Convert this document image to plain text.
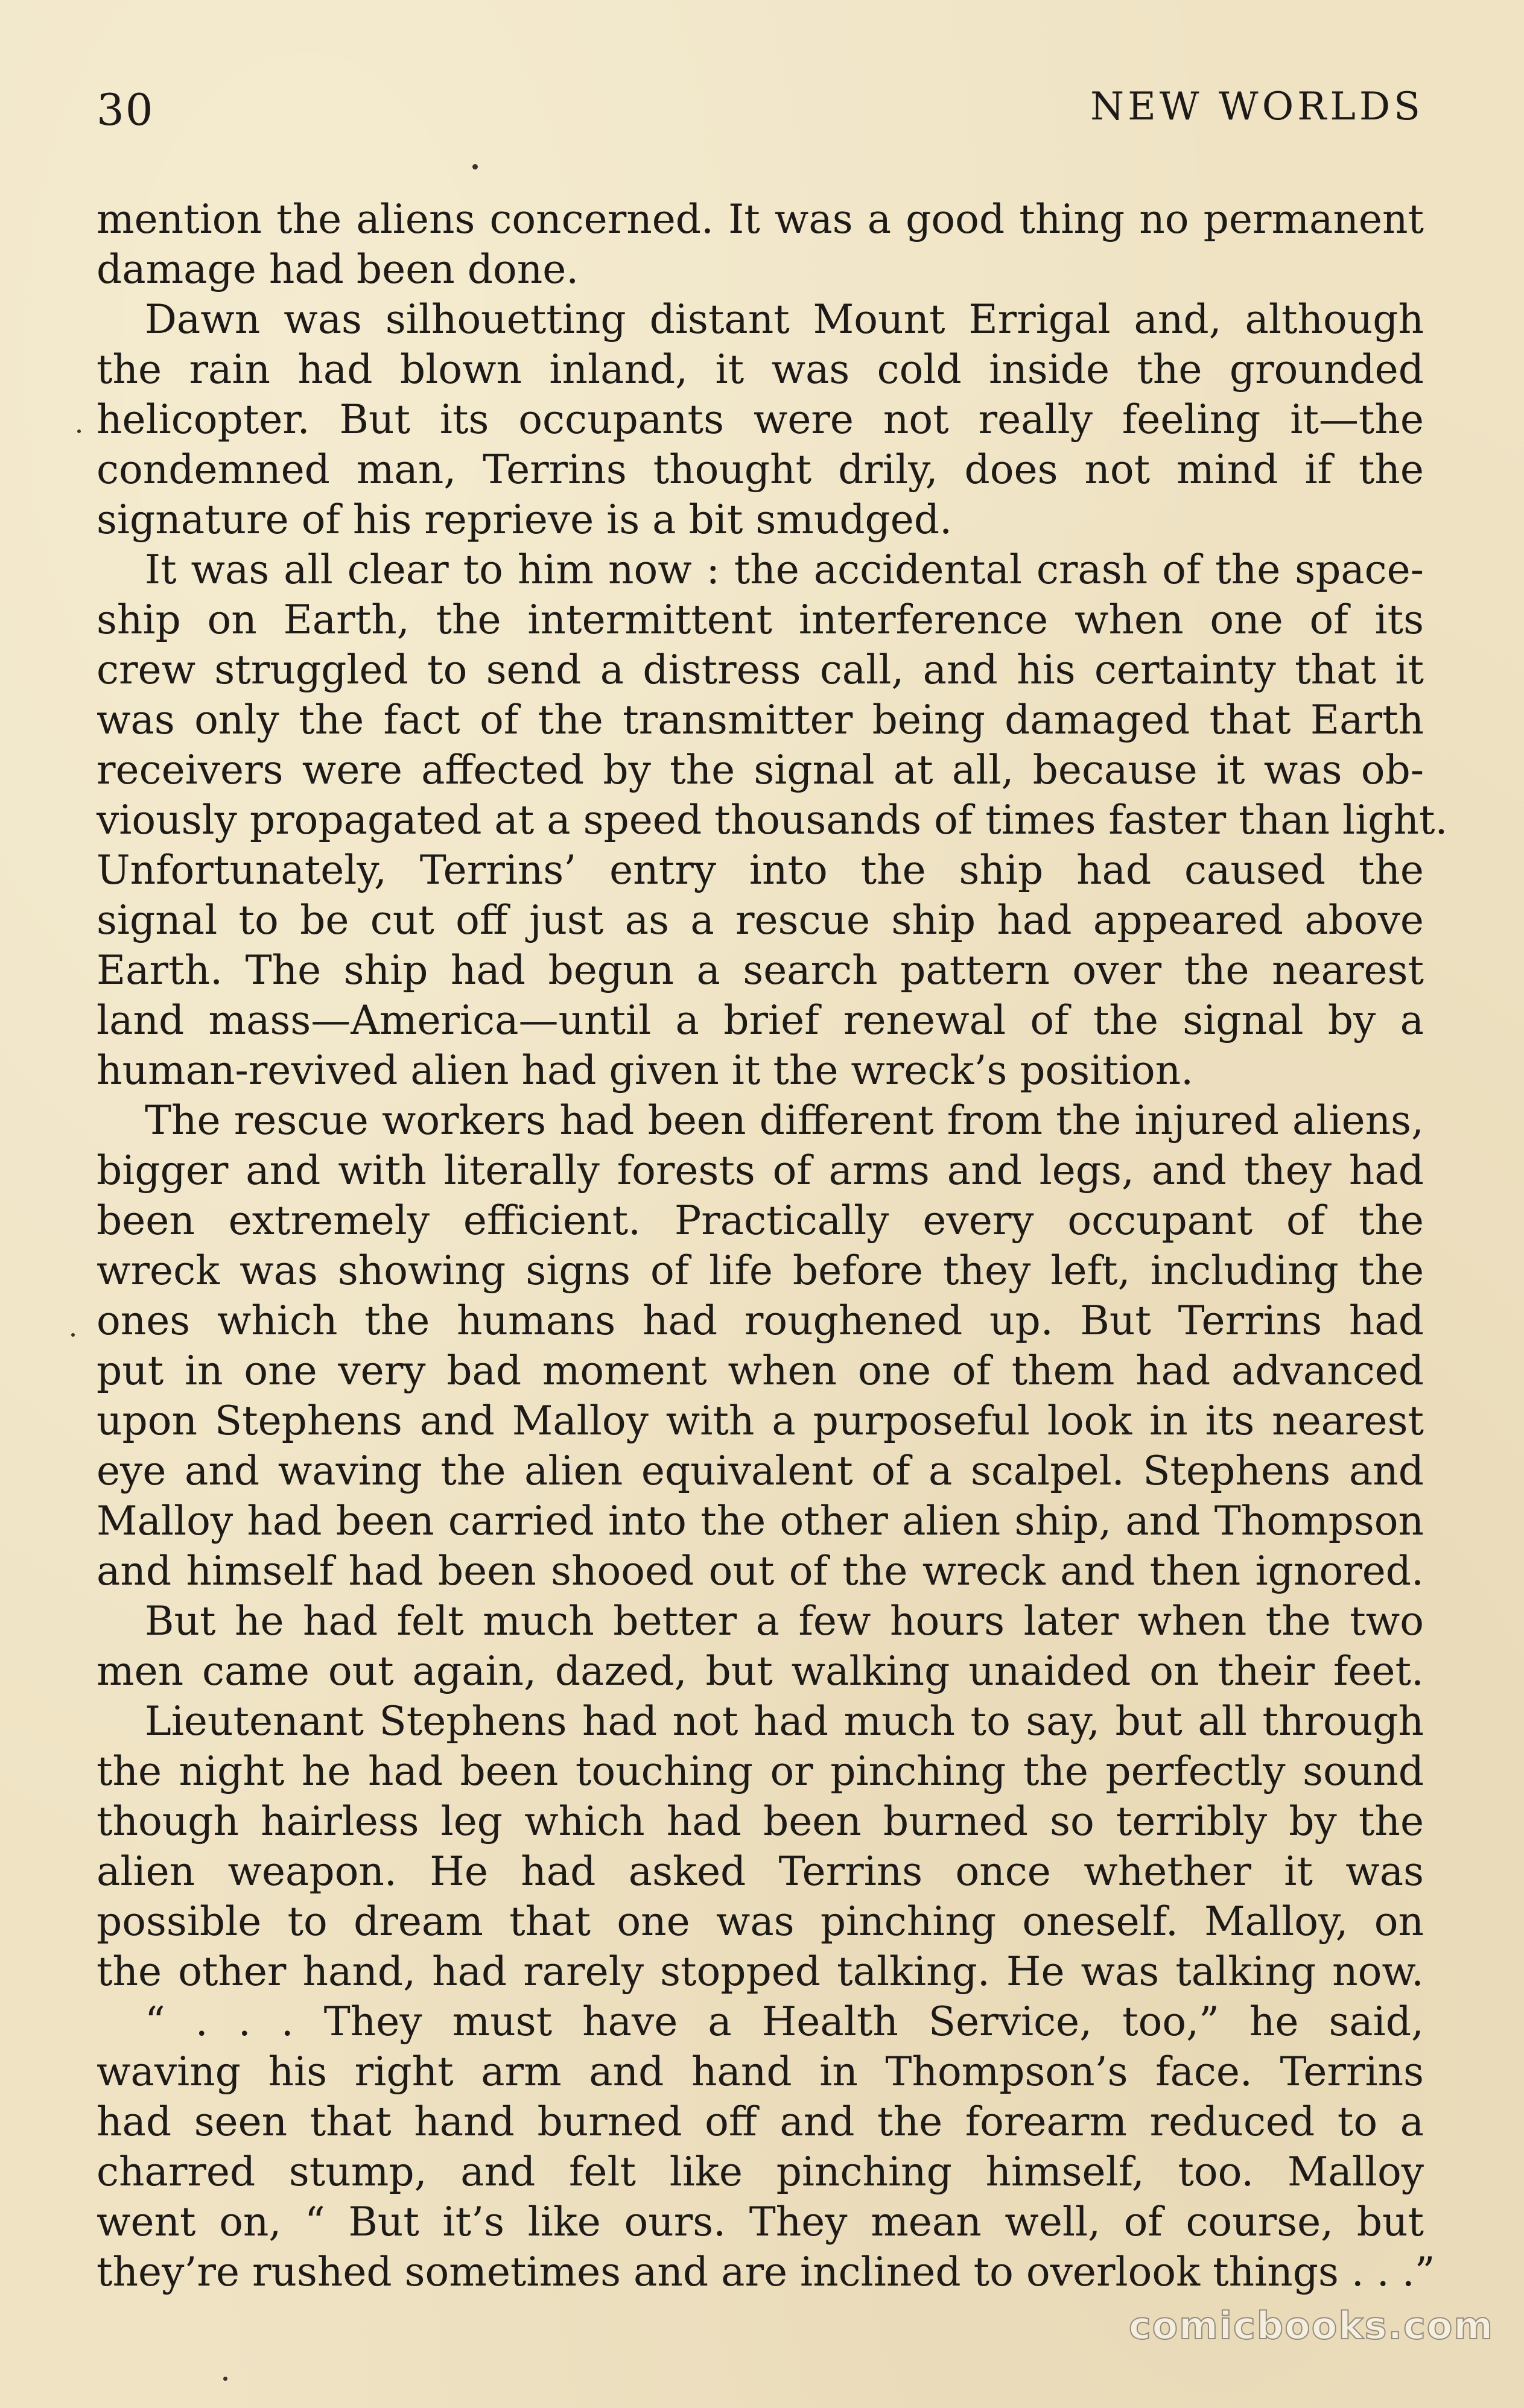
30	NEW WORLDS
mention the aliens concerned. It was a good thing no permanent
damage had been done.
Dawn was silhouetting distant Mount Errigal and, although
the rain had blown inland, it was cold inside the grounded
helicopter. But its occupants were not really feeling it—the
condemned man, Terrins thought drily, does not mind if the
signature of his reprieve is a bit smudged.
It was all clear to him now : the accidental crash of the space-
ship on Earth, the intermittent interference when one of its
crew struggled to send a distress call, and his certainty that it
was only the fact of the transmitter being damaged that Earth
receivers were affected by the signal at all, because it was ob-
viously propagated at a speed thousands of times faster than light.
Unfortunately, Terrins’ entry into the ship had caused the
signal to be cut off just as a rescue ship had appeared above
Earth. The ship had begun a search pattern over the nearest
land mass—America—until a brief renewal of the signal by a
human-revived alien had given it the wreck’s position.
The rescue workers had been different from the injured aliens,
bigger and with literally forests of arms and legs, and they had
been extremely efficient. Practically every occupant of the
wreck was showing signs of life before they left, including the
ones which the humans had roughened up. But Terrins had
put in one very bad moment when one of them had advanced
upon Stephens and Malloy with a purposeful look in its nearest
eye and waving the alien equivalent of a scalpel. Stephens and
Malloy had been carried into the other alien ship, and Thompson
and himself had been shooed out of the wreck and then ignored.
But he had felt much better a few hours later when the two
men came out again, dazed, but walking unaided on their feet.
Lieutenant Stephens had not had much to say, but all through
the night he had been touching or pinching the perfectly sound
though hairless leg which had been burned so terribly by the
alien weapon. He had asked Terrins once whether it was
possible to dream that one was pinching oneself. Malloy, on
the other hand, had rarely stopped talking. He was talking now.
“ . . . They must have a Health Service, too,” he said,
waving his right arm and hand in Thompson’s face. Terrins
had seen that hand burned off and the forearm reduced to a
charred stump, and felt like pinching himself, too. Malloy
went on, “ But it’s like ours. They mean well, of course, but
they’re rushed sometimes and are inclined to overlook things . . .”
comicbooks.com
